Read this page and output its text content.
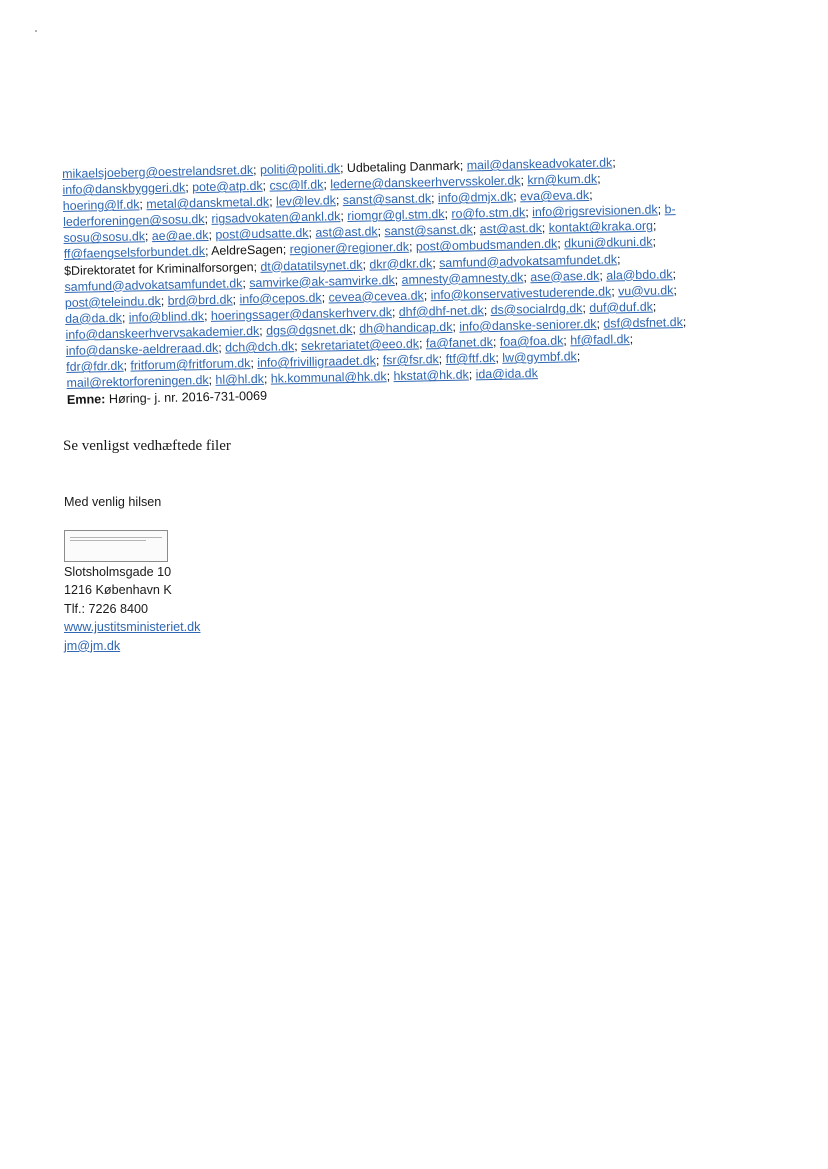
mikaelsjoeberg@oestrelandsret.dk; politi@politi.dk; Udbetaling Danmark; mail@danskeadvokater.dk;
info@danskbyggeri.dk; pote@atp.dk; csc@lf.dk; lederne@danskeerhvervsskoler.dk; krn@kum.dk;
hoering@lf.dk; metal@danskmetal.dk; lev@lev.dk; sanst@sanst.dk; info@dmjx.dk; eva@eva.dk;
lederforeningen@sosu.dk; rigsadvokaten@ankl.dk; riomgr@gl.stm.dk; ro@fo.stm.dk; info@rigsrevisionen.dk; b-
sosu@sosu.dk; ae@ae.dk; post@udsatte.dk; ast@ast.dk; sanst@sanst.dk; ast@ast.dk; kontakt@kraka.org;
ff@faengselsforbundet.dk; AeldreSagen; regioner@regioner.dk; post@ombudsmanden.dk; dkuni@dkuni.dk;
$Direktoratet for Kriminalforsorgen; dt@datatilsynet.dk; dkr@dkr.dk; samfund@advokatsamfundet.dk;
samfund@advokatsamfundet.dk; samvirke@ak-samvirke.dk; amnesty@amnesty.dk; ase@ase.dk; ala@bdo.dk;
post@teleindu.dk; brd@brd.dk; info@cepos.dk; cevea@cevea.dk; info@konservativestuderende.dk; vu@vu.dk;
da@da.dk; info@blind.dk; hoeringssager@danskerhverv.dk; dhf@dhf-net.dk; ds@socialrdg.dk; duf@duf.dk;
info@danskeerhvervsakademier.dk; dgs@dgsnet.dk; dh@handicap.dk; info@danske-seniorer.dk; dsf@dsfnet.dk;
info@danske-aeldreraad.dk; dch@dch.dk; sekretariatet@eeo.dk; fa@fanet.dk; foa@foa.dk; hf@fadl.dk;
fdr@fdr.dk; fritforum@fritforum.dk; info@frivilligraadet.dk; fsr@fsr.dk; ftf@ftf.dk; lw@gymbf.dk;
mail@rektorforeningen.dk; hl@hl.dk; hk.kommunal@hk.dk; hkstat@hk.dk; ida@ida.dk
Emne: Høring- j. nr. 2016-731-0069
Se venligst vedhæftede filer
Med venlig hilsen
Slotsholmsgade 10
1216 København K
Tlf.: 7226 8400
www.justitsministeriet.dk
jm@jm.dk
